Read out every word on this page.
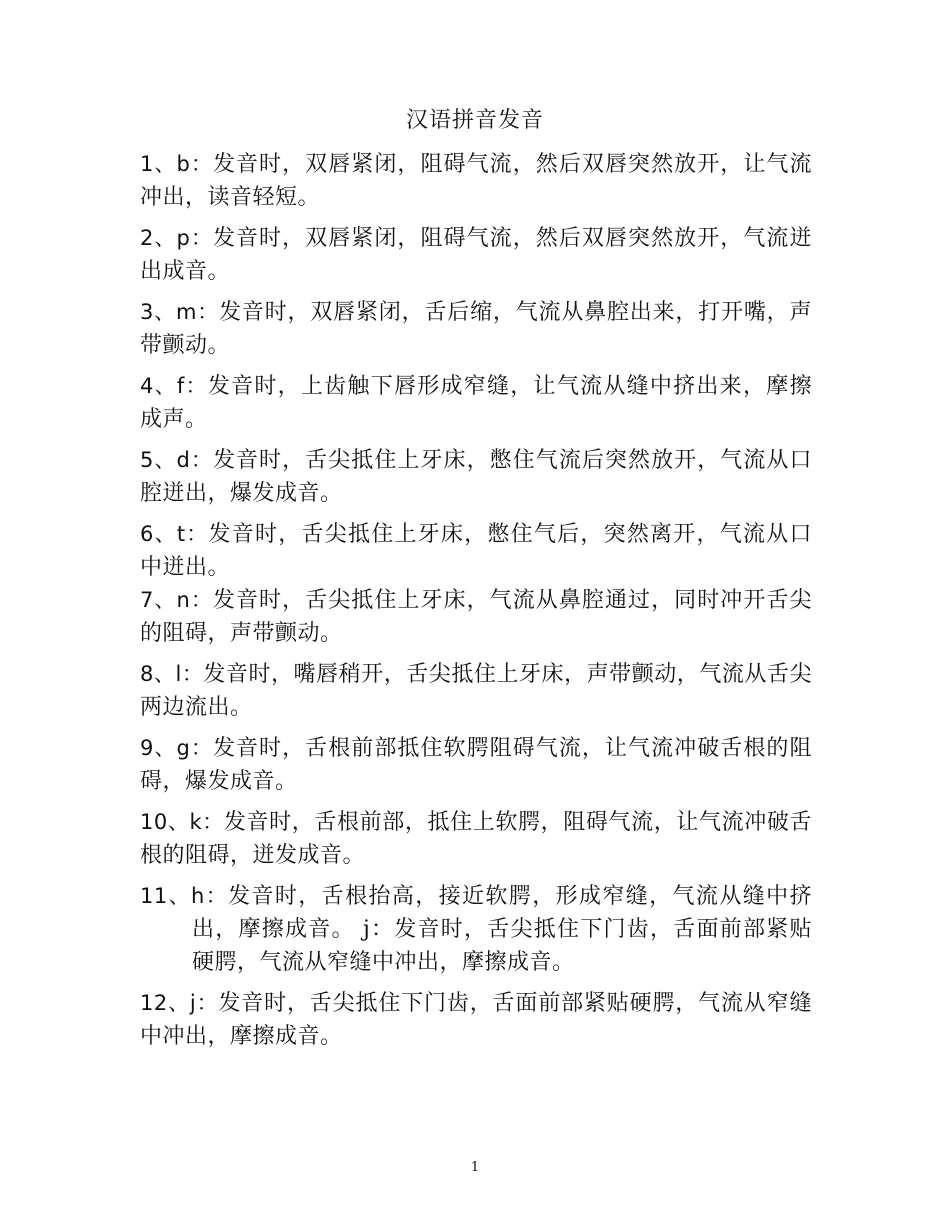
汉语拼音发音

1、b：发音时，双唇紧闭，阻碍气流，然后双唇突然放开，让气流冲出，读音轻短。

2、p：发音时，双唇紧闭，阻碍气流，然后双唇突然放开，气流迸出成音。

3、m：发音时，双唇紧闭，舌后缩，气流从鼻腔出来，打开嘴，声带颤动。

4、f：发音时，上齿触下唇形成窄缝，让气流从缝中挤出来，摩擦成声。

5、d：发音时，舌尖抵住上牙床，憋住气流后突然放开，气流从口腔迸出，爆发成音。

6、t：发音时，舌尖抵住上牙床，憋住气后，突然离开，气流从口中迸出。

7、n：发音时，舌尖抵住上牙床，气流从鼻腔通过，同时冲开舌尖的阻碍，声带颤动。

8、l：发音时，嘴唇稍开，舌尖抵住上牙床，声带颤动，气流从舌尖两边流出。

9、g：发音时，舌根前部抵住软腭阻碍气流，让气流冲破舌根的阻碍，爆发成音。

10、k：发音时，舌根前部，抵住上软腭，阻碍气流，让气流冲破舌根的阻碍，迸发成音。

11、h：发音时，舌根抬高，接近软腭，形成窄缝，气流从缝中挤出，摩擦成音。 j：发音时，舌尖抵住下门齿，舌面前部紧贴硬腭，气流从窄缝中冲出，摩擦成音。

12、j：发音时，舌尖抵住下门齿，舌面前部紧贴硬腭，气流从窄缝中冲出，摩擦成音。

1
